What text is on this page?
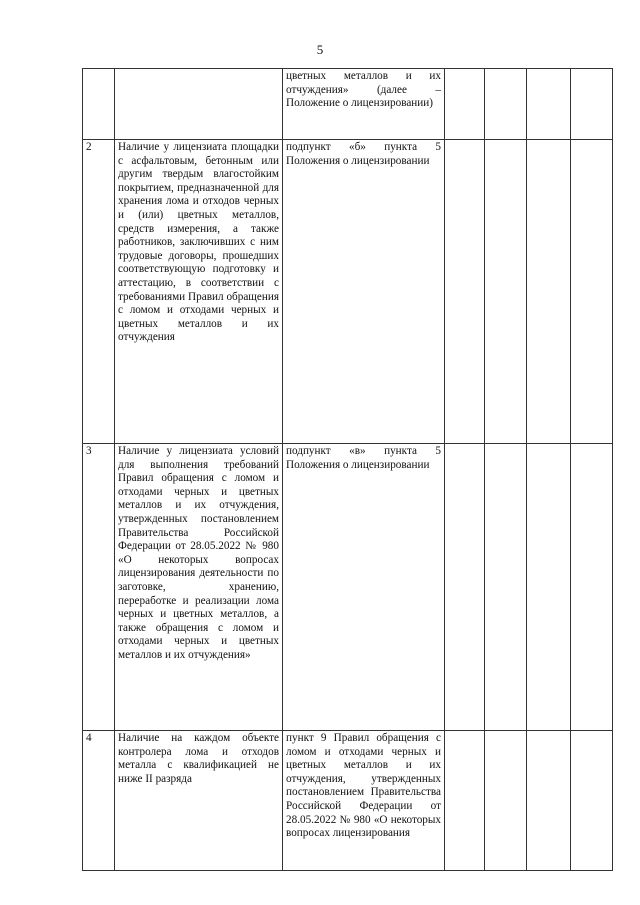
5
		цветных металлов и их отчуждения» (далее – Положение о лицензировании)				
2	Наличие у лицензиата площадки с асфальтовым, бетонным или другим твердым влагостойким покрытием, предназначенной для хранения лома и отходов черных и (или) цветных металлов, средств измерения, а также работников, заключивших с ним трудовые договоры, прошедших соответствующую подготовку и аттестацию, в соответствии с требованиями Правил обращения с ломом и отходами черных и цветных металлов и их отчуждения	подпункт «б» пункта 5 Положения о лицензировании				
3	Наличие у лицензиата условий для выполнения требований Правил обращения с ломом и отходами черных и цветных металлов и их отчуждения, утвержденных постановлением Правительства Российской Федерации от 28.05.2022 № 980 «О некоторых вопросах лицензирования деятельности по заготовке, хранению, переработке и реализации лома черных и цветных металлов, а также обращения с ломом и отходами черных и цветных металлов и их отчуждения»	подпункт «в» пункта 5 Положения о лицензировании				
4	Наличие на каждом объекте контролера лома и отходов металла с квалификацией не ниже II разряда	пункт 9 Правил обращения с ломом и отходами черных и цветных металлов и их отчуждения, утвержденных постановлением Правительства Российской Федерации от 28.05.2022 № 980 «О некоторых вопросах лицензирования				
